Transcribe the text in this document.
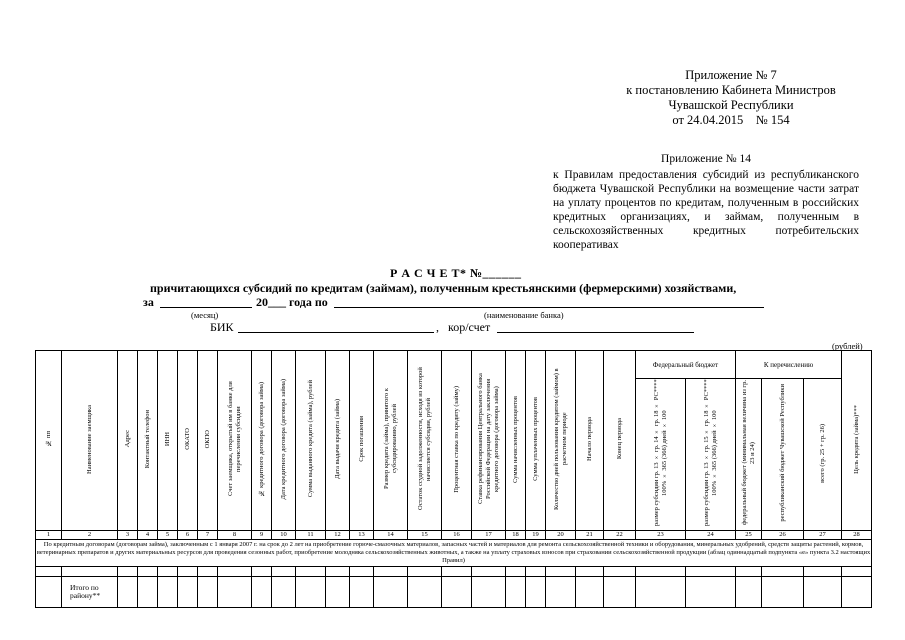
Приложение № 7
к постановлению Кабинета Министров
Чувашской Республики
от 24.04.2015    № 154
Приложение № 14
к Правилам предоставления субсидий из республиканского бюджета Чувашской Республики на возмещение части затрат на уплату процентов по кредитам, полученным в российских кредитных организациях, и займам, полученным в сельскохозяйственных кредитных потребительских кооперативах
Р А С Ч Е Т* №______
причитающихся субсидий по кредитам (займам), полученным крестьянскими (фермерскими) хозяйствами,
за	20___ года по
(месяц)	(наименование банка)
БИК	,   кор/счет
(рублей)
№ пп	Наименование заемщика	Адрес	Контактный телефон	ИНН	ОКАТО	ОКПО	Счет заемщика, открытый им в банке для перечисления субсидии	№ кредитного договора (договора займа)	Дата кредитного договора (договора займа)	Сумма выданного кредита (займа), рублей	Дата выдачи кредита (займа)	Срок погашения	Размер кредита (займа), принятого к субсидированию, рублей	Остаток ссудной задолженности, исходя из которой начисляется субсидия, рублей	Процентная ставка по кредиту (займу)	Ставка рефинансирования Центрального банка Российской Федерации на дату заключения кредитного договора (договора займа)	Сумма начисленных процентов	Сумма уплаченных процентов	Количество дней пользования кредитом (займом) в расчетном периоде	Начало периода	Конец периода	Федеральный бюджет		К перечислению			Цель кредита (займа)***
																						размер субсидии гр. 13 × гр. 14 × гр. 18 × РС**** 100% × 365 (366) дней × 100	размер субсидии гр. 13 × гр. 15 × гр. 18 × РС**** 100% × 365 (366) дней × 100	федеральный бюджет (минимальная величина из гр. 23 и 24)	республиканский бюджет Чувашской Республики	всего (гр. 25 + гр. 26)	
1	2	3	4	5	6	7	8	9	10	11	12	13	14	15	16	17	18	19	20	21	22	23	24	25	26	27	28
По кредитным договорам (договорам займа), заключенным с 1 января 2007 г. на срок до 2 лет на приобретение горюче-смазочных материалов, запасных частей и материалов для ремонта сельскохозяйственной техники и оборудования, минеральных удобрений, средств защиты растений, кормов, ветеринарных препаратов и других материальных ресурсов для проведения сезонных работ, приобретение молодняка сельскохозяйственных животных, а также на уплату страховых взносов при страховании сельскохозяйственной продукции (абзац одиннадцатый подпункта «е» пункта 3.2 настоящих Правил)																											

	Итого по району**																										
